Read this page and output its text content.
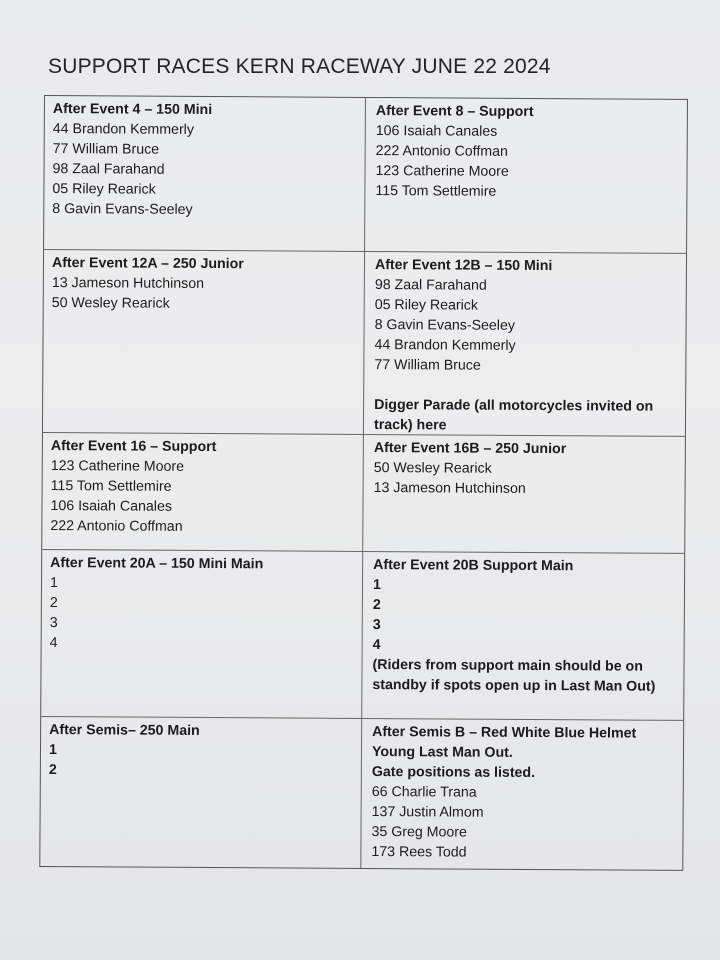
SUPPORT RACES KERN RACEWAY JUNE 22 2024
After Event 4 – 150 Mini
44 Brandon Kemmerly
77 William Bruce
98 Zaal Farahand
05 Riley Rearick
8 Gavin Evans-Seeley
After Event 8 – Support
106 Isaiah Canales
222 Antonio Coffman
123 Catherine Moore
115 Tom Settlemire
After Event 12A – 250 Junior
13 Jameson Hutchinson
50 Wesley Rearick
After Event 12B – 150 Mini
98 Zaal Farahand
05 Riley Rearick
8 Gavin Evans-Seeley
44 Brandon Kemmerly
77 William Bruce
Digger Parade (all motorcycles invited on track) here
After Event 16 – Support
123 Catherine Moore
115 Tom Settlemire
106 Isaiah Canales
222 Antonio Coffman
After Event 16B – 250 Junior
50 Wesley Rearick
13 Jameson Hutchinson
After Event 20A – 150 Mini Main
1
2
3
4
After Event 20B Support Main
1
2
3
4
(Riders from support main should be on standby if spots open up in Last Man Out)
After Semis– 250 Main
1
2
After Semis B – Red White Blue Helmet Young Last Man Out.
Gate positions as listed.
66 Charlie Trana
137 Justin Almom
35 Greg Moore
173 Rees Todd
